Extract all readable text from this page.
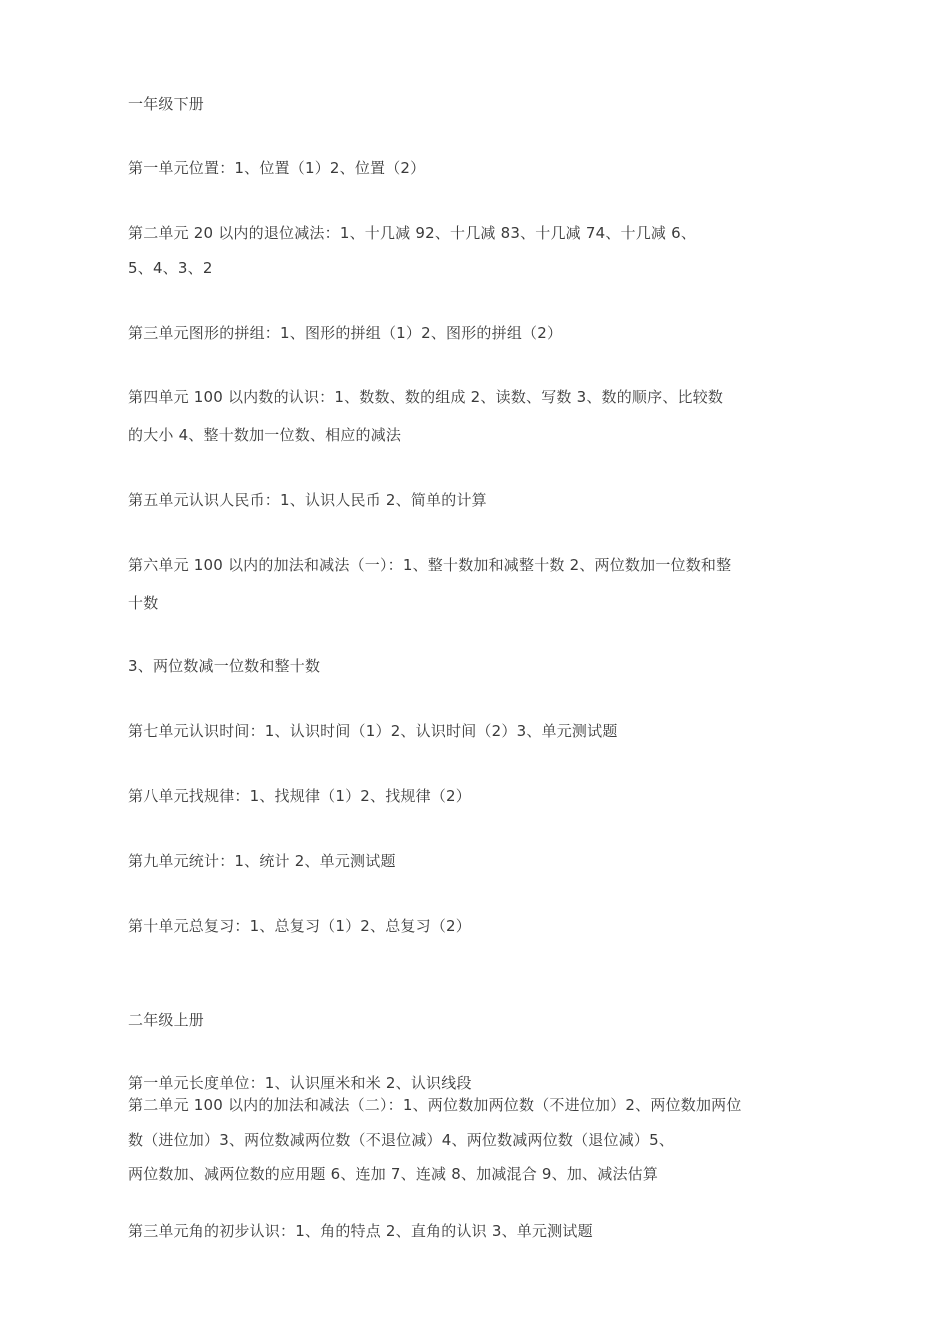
一年级下册
第一单元位置：1、位置（1）2、位置（2）
第二单元 20 以内的退位减法：1、十几减 92、十几减 83、十几减 74、十几减 6、
5、4、3、2
第三单元图形的拼组：1、图形的拼组（1）2、图形的拼组（2）
第四单元 100 以内数的认识：1、数数、数的组成 2、读数、写数 3、数的顺序、比较数
的大小 4、整十数加一位数、相应的减法
第五单元认识人民币：1、认识人民币 2、简单的计算
第六单元 100 以内的加法和减法（一）：1、整十数加和减整十数 2、两位数加一位数和整
十数
3、两位数减一位数和整十数
第七单元认识时间：1、认识时间（1）2、认识时间（2）3、单元测试题
第八单元找规律：1、找规律（1）2、找规律（2）
第九单元统计：1、统计 2、单元测试题
第十单元总复习：1、总复习（1）2、总复习（2）
二年级上册
第一单元长度单位：1、认识厘米和米 2、认识线段
第二单元 100 以内的加法和减法（二）：1、两位数加两位数（不进位加）2、两位数加两位
数（进位加）3、两位数减两位数（不退位减）4、两位数减两位数（退位减）5、
两位数加、减两位数的应用题 6、连加 7、连减 8、加减混合 9、加、减法估算
第三单元角的初步认识：1、角的特点 2、直角的认识 3、单元测试题
